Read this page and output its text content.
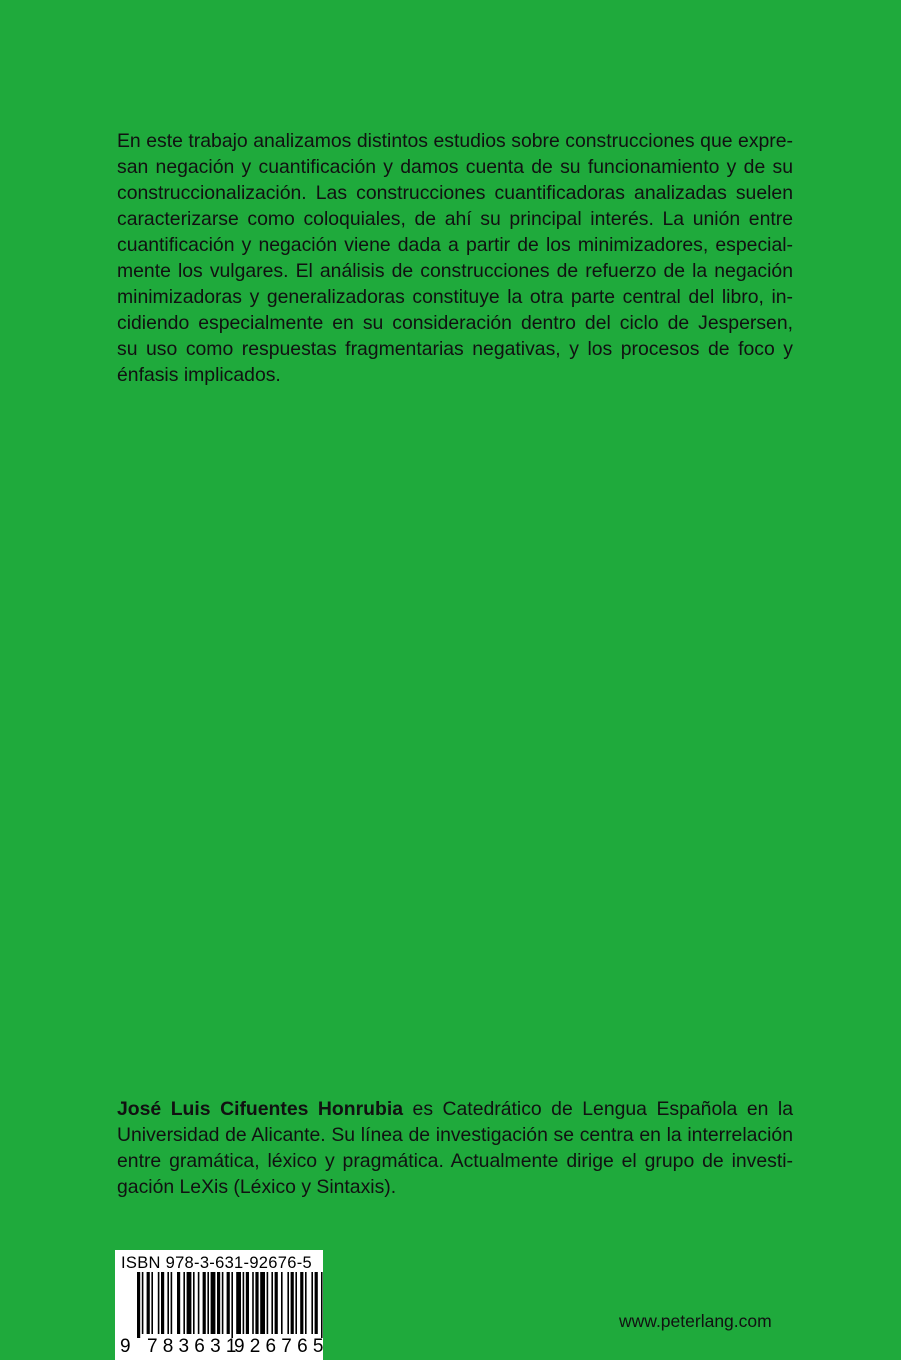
En este trabajo analizamos distintos estudios sobre construcciones que expre-
san negación y cuantificación y damos cuenta de su funcionamiento y de su
construccionalización. Las construcciones cuantificadoras analizadas suelen
caracterizarse como coloquiales, de ahí su principal interés. La unión entre
cuantificación y negación viene dada a partir de los minimizadores, especial-
mente los vulgares. El análisis de construcciones de refuerzo de la negación
minimizadoras y generalizadoras constituye la otra parte central del libro, in-
cidiendo especialmente en su consideración dentro del ciclo de Jespersen,
su uso como respuestas fragmentarias negativas, y los procesos de foco y
énfasis implicados.
José Luis Cifuentes Honrubia es Catedrático de Lengua Española en la
Universidad de Alicante. Su línea de investigación se centra en la interrelación
entre gramática, léxico y pragmática. Actualmente dirige el grupo de investi-
gación LeXis (Léxico y Sintaxis).
ISBN 978-3-631-92676-5
9 783631
926765
www.peterlang.com
